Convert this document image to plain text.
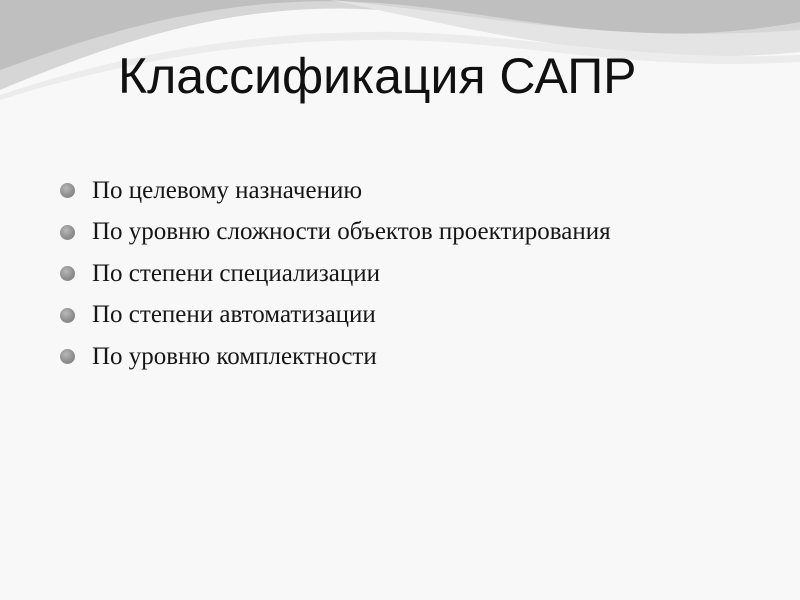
Классификация САПР
По целевому назначению
По уровню сложности объектов проектирования
По степени специализации
По степени автоматизации
По уровню комплектности
